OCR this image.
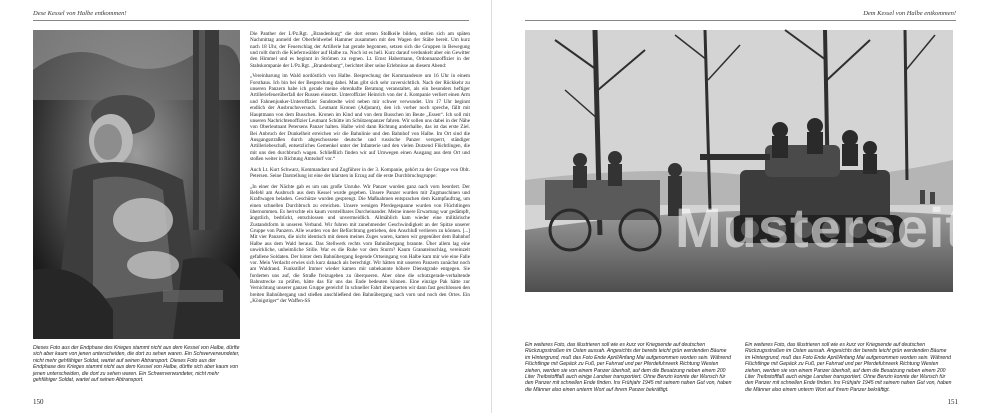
Dese Kessel von Halbe entkommen!
Dieses Foto aus der Endphase des Krieges stammt nicht aus dem Kessel von Halbe, dürfte sich aber kaum von jenen unterscheiden, die dort zu sehen waren. Ein Schwerverwundeter, nicht mehr gehfähiger Soldat, wartet auf seinen Abtransport. Dieses Foto aus der Endphase des Krieges stammt nicht aus dem Kessel von Halbe, dürfte sich aber kaum von jenen unterscheiden, die dort zu sehen waren. Ein Schwerverwundeter, nicht mehr gehfähiger Soldat, wartet auf seinen Abtransport.

Die Panther der I./Pz.Rgt. „Brandenburg“ die dort ersten Stoßkeile bilden, stellen sich am späten Nachmittag anmeld der Oberfeldwebel Hammer zusammen mit den Wagen der Stäbe bereit. Um kurz nach 18 Uhr, der Feuerschlag der Artillerie hat gerade begonnen, setzen sich die Gruppen in Bewegung und rollt durch die Kiefernwälder auf Halbe zu. Noch ist es hell. Kurz darauf verdunkelt aber ein Gewitter den Himmel und es beginnt in Strömen zu regnen. Lt. Ernst Habermann, Ordonnanzoffizier in der Stabskompanie der I./Pz.Rgt. „Brandenburg“, berichtet über seine Erlebnisse an diesem Abend:

„Vereinbarung im Wald nordöstlich von Halbe. Besprechung der Kommandeure um 16 Uhr in einem Forsthaus. Ich bin bei der Besprechung dabei. Man gibt sich sehr zuversichtlich. Nach der Rückkehr zu unseren Panzern habe ich gerade meine ehrenhafte Beratung veranstaltet, als ein besonders heftiger Artilleriefeuerüberfall der Russen einsetzt. Unteroffizier Heinrich von der 4. Kompanie verliert einen Arm und Fahnenjunker-Unteroffizier Sundstedte wird neben mir schwer verwundet. Um 17 Uhr beginnt endlich der Ausbruchsversuch. Leutnant Kronen (Adjutant), den ich vorher noch spreche, fällt mit Hauptmann von dem Busschen. Kronen im Kind und von dem Busschen im Beute „Essen“. Ich soll mit unseren Nachrichtenoffizier Leutnant Schütte im Schützenpanzer fahren. Wir sollen uns dabei in der Nähe von Oberleutnant Petersens Panzer halten. Halbe wird dann Richtung anderhalbe, das ist das erste Ziel. Bei Anbruch der Dunkelheit erreichen wir die Bahnlinie und den Bahnhof von Halbe. Im Ort sind die Ausgangsstraßen durch abgeschossene deutsche und russische Panzer versperrt, ständiger Artilleriebeschuß, entsetzliches Gemenkel unter der Infanterie und den vielen Dutzend Flüchtlingen, die mit uns den durchbruch wagen. Schließlich finden wir auf Umwegen einen Ausgang aus dem Ort und stoßen weiter in Richtung Amtsdorf vor.“

Auch Lt. Kurt Schwarz, Kommandant und Zugführer in der 3. Kompanie, gehört zu der Gruppe von Oblt. Petersen. Seine Darstellung ist eine der klarsten in Erzug auf die erste Durchbruchsgruppe:

„In einer der Nächte gab es um uns große Unruhe. Wir Panzer wurden ganz nach vorn beordert. Der Befehl am Ausbruch aus dem Kessel wurde gegeben. Unsere Panzer wurden mit Zugmaschinen und Kraftwagen beladen. Geschütze wurden gesprengt. Die Maßnahmen entsprachen dem Kampfauftrag, um einen schnellen Durchbruch zu erreichen. Unsere wenigen Pferdegespanne wurden von Flüchtlingen übernommen. Es herrschte ein kaum vorstellbares Durcheinander. Meine innere Erwartung war gedämpft, ängstlich, bedrückt, entschlossen und unvermeidlich. Allmählich kam wieder eine militärische Zustandsform in unseren Verband. Wir fuhren mit zunehmender Geschwindigkeit an der Spitze unserer Gruppe von Panzern. Alle wurden von der Befürchtung getrieben, den Anschluß verlieren zu können. [...] Mit vier Panzern, die nicht identisch mit denen meines Zuges waren, kamen wir gegenüber dem Bahnhof Halbe aus dem Wald heraus. Das Stellwerk rechts vom Bahnübergang brannte. Über allem lag eine unwirkliche, unheimliche Stille. War es die Ruhe vor dem Sturm? Kaum Granateinschlag, vereinzelt gefallene Soldaten. Der hinter dem Bahnübergang liegende Ortseingang von Halbe kam mir wie eine Falle vor. Mein Verdacht erwies sich kurz danach als berechtigt. Wir hätten mit unseren Panzern zunächst noch am Waldrand. Funkstille! Immer wieder kamen mir unbekannte höhere Dienstgrade entgegen. Sie forderten uns auf, die Straße freizugeben zu überqueren. Aber ohne die schutzgerade-verhaltende Bahnstrecke zu prüfen, hätte das für uns das Ende bedeuten können. Eine einzige Pak hätte zur Vernichtung unserer ganzen Gruppe gereicht! In schneller Fahrt überquerten wir dann fast geschlossen den breiten Bahnübergang und stießen anschließend den Bahnübergang nach vorn und noch den Ortes. Ein „Königstiger“ der Waffen-SS

150
Dem Kessel von Halbe entkommen!
151
Musterseite
Ein weiteres Foto, das illustrieren soll wie es kurz vor Kriegsende auf deutschen Rückzugsstraßen im Osten aussah. Angesichts der bereits leicht grün werdenden Bäume im Hintergrund, muß das Foto Ende April/Anfang Mai aufgenommen worden sein. Während Flüchtlinge mit Gepäck zu Fuß, per Fahrrad und per Pferdefuhrwerk Richtung Westen ziehen, werden sie von einem Panzer überholt, auf dem die Besatzung neben einem 200 Liter Treibstofffaß auch einige Landser transportiert. Ohne Benzin konnte der Wunsch für den Panzer mit schnellen Ende finden. Ins Frühjahr 1945 mit seinem nahen Gut von, haben die Männer also einen unterm Wort auf ihrem Panzer bekräftigt.
Ein weiteres Foto, das illustrieren soll wie es kurz vor Kriegsende auf deutschen Rückzugsstraßen im Osten aussah. Angesichts der bereits leicht grün werdenden Bäume im Hintergrund, muß das Foto Ende April/Anfang Mai aufgenommen worden sein. Während Flüchtlinge mit Gepäck zu Fuß, per Fahrrad und per Pferdefuhrwerk Richtung Westen ziehen, werden sie von einem Panzer überholt, auf dem die Besatzung neben einem 200 Liter Treibstofffaß auch einige Landser transportiert. Ohne Benzin konnte der Wunsch für den Panzer mit schnellen Ende finden. Ins Frühjahr 1945 mit seinem nahen Gut von, haben die Männer also einem unterm Wort auf ihrem Panzer bekräftigt.
